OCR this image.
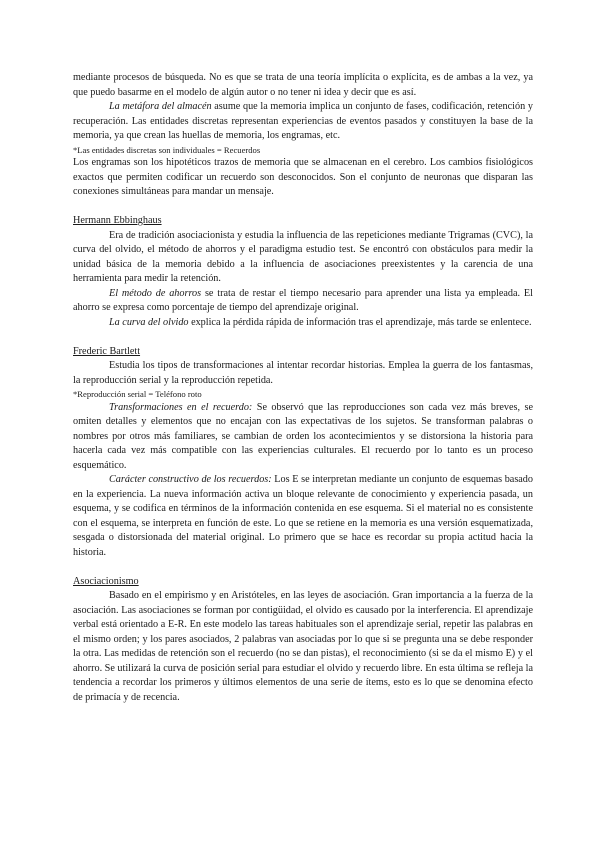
mediante procesos de búsqueda. No es que se trata de una teoría implícita o explícita, es de ambas a la vez, ya que puedo basarme en el modelo de algún autor o no tener ni idea y decir que es así.

La metáfora del almacén asume que la memoria implica un conjunto de fases, codificación, retención y recuperación. Las entidades discretas representan experiencias de eventos pasados y constituyen la base de la memoria, ya que crean las huellas de memoria, los engramas, etc.

*Las entidades discretas son individuales = Recuerdos

Los engramas son los hipotéticos trazos de memoria que se almacenan en el cerebro. Los cambios fisiológicos exactos que permiten codificar un recuerdo son desconocidos. Son el conjunto de neuronas que disparan las conexiones simultáneas para mandar un mensaje.

Hermann Ebbinghaus

Era de tradición asociacionista y estudia la influencia de las repeticiones mediante Trigramas (CVC), la curva del olvido, el método de ahorros y el paradigma estudio test. Se encontró con obstáculos para medir la unidad básica de la memoria debido a la influencia de asociaciones preexistentes y la carencia de una herramienta para medir la retención.

El método de ahorros se trata de restar el tiempo necesario para aprender una lista ya empleada. El ahorro se expresa como porcentaje de tiempo del aprendizaje original.

La curva del olvido explica la pérdida rápida de información tras el aprendizaje, más tarde se enlentece.

Frederic Bartlett

Estudia los tipos de transformaciones al intentar recordar historias. Emplea la guerra de los fantasmas, la reproducción serial y la reproducción repetida.

*Reproducción serial = Teléfono roto

Transformaciones en el recuerdo: Se observó que las reproducciones son cada vez más breves, se omiten detalles y elementos que no encajan con las expectativas de los sujetos. Se transforman palabras o nombres por otros más familiares, se cambian de orden los acontecimientos y se distorsiona la historia para hacerla cada vez más compatible con las experiencias culturales. El recuerdo por lo tanto es un proceso esquemático.

Carácter constructivo de los recuerdos: Los E se interpretan mediante un conjunto de esquemas basado en la experiencia. La nueva información activa un bloque relevante de conocimiento y experiencia pasada, un esquema, y se codifica en términos de la información contenida en ese esquema. Si el material no es consistente con el esquema, se interpreta en función de este. Lo que se retiene en la memoria es una versión esquematizada, sesgada o distorsionada del material original. Lo primero que se hace es recordar su propia actitud hacia la historia.

Asociacionismo

Basado en el empirismo y en Aristóteles, en las leyes de asociación. Gran importancia a la fuerza de la asociación. Las asociaciones se forman por contigüidad, el olvido es causado por la interferencia. El aprendizaje verbal está orientado a E-R. En este modelo las tareas habituales son el aprendizaje serial, repetir las palabras en el mismo orden; y los pares asociados, 2 palabras van asociadas por lo que si se pregunta una se debe responder la otra. Las medidas de retención son el recuerdo (no se dan pistas), el reconocimiento (si se da el mismo E) y el ahorro. Se utilizará la curva de posición serial para estudiar el olvido y recuerdo libre. En esta última se refleja la tendencia a recordar los primeros y últimos elementos de una serie de ítems, esto es lo que se denomina efecto de primacía y de recencia.
